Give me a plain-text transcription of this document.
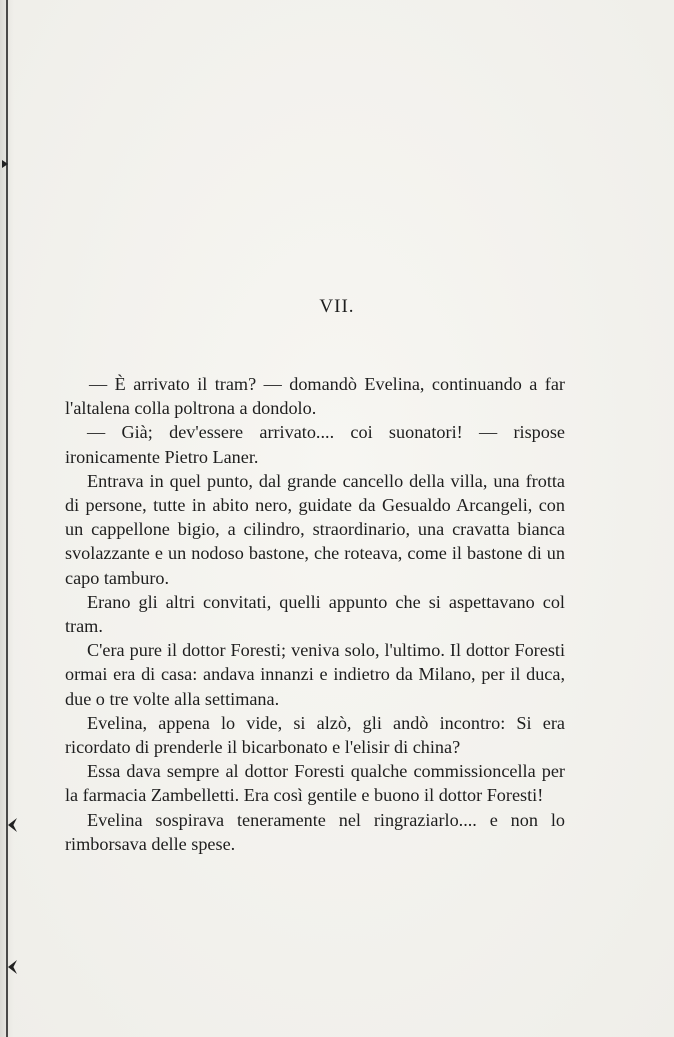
VII.

— È arrivato il tram? — domandò Evelina, continuando a far l'altalena colla poltrona a dondolo.

— Già; dev'essere arrivato.... coi suonatori! — rispose ironicamente Pietro Laner.

Entrava in quel punto, dal grande cancello della villa, una frotta di persone, tutte in abito nero, guidate da Gesualdo Arcangeli, con un cappellone bigio, a cilindro, straordinario, una cravatta bianca svolazzante e un nodoso bastone, che roteava, come il bastone di un capo tamburo.

Erano gli altri convitati, quelli appunto che si aspettavano col tram.

C'era pure il dottor Foresti; veniva solo, l'ultimo. Il dottor Foresti ormai era di casa: andava innanzi e indietro da Milano, per il duca, due o tre volte alla settimana.

Evelina, appena lo vide, si alzò, gli andò incontro: Si era ricordato di prenderle il bicarbonato e l'elisir di china?

Essa dava sempre al dottor Foresti qualche commissioncella per la farmacia Zambelletti. Era così gentile e buono il dottor Foresti!

Evelina sospirava teneramente nel ringraziarlo.... e non lo rimborsava delle spese.
